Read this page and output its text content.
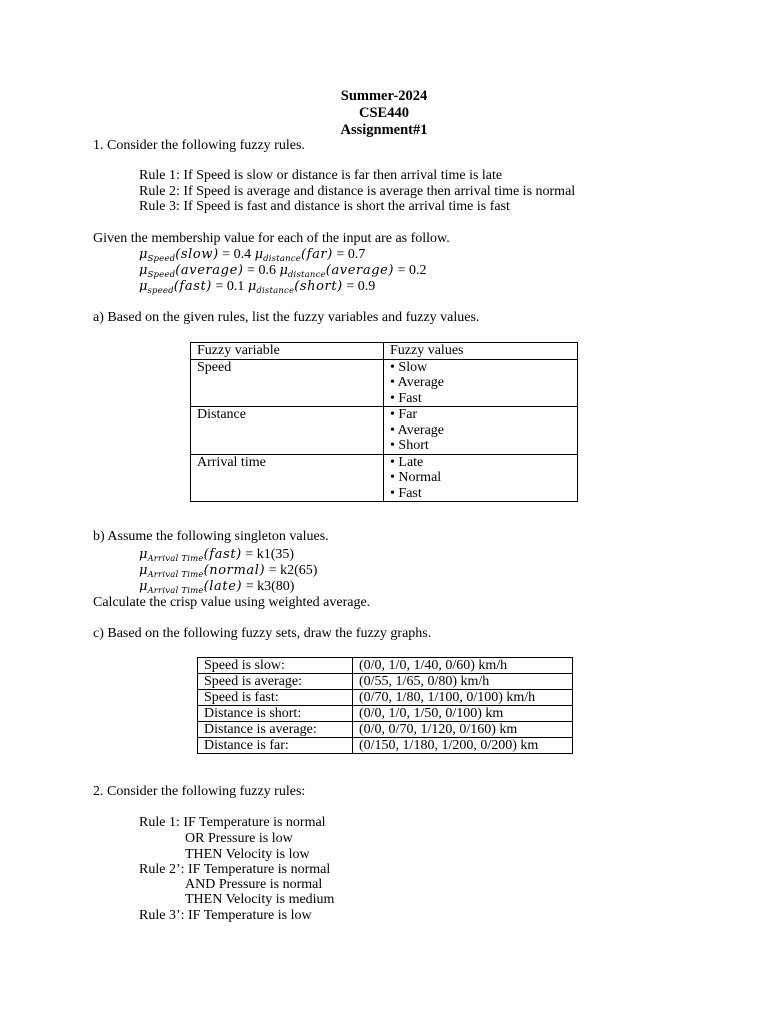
Summer-2024
CSE440
Assignment#1
1. Consider the following fuzzy rules.
Rule 1: If Speed is slow or distance is far then arrival time is late
Rule 2: If Speed is average and distance is average then arrival time is normal
Rule 3: If Speed is fast and distance is short the arrival time is fast
Given the membership value for each of the input are as follow.
$\mu_{Speed}(slow) = 0.4$ $\mu_{distance}(far) = 0.7$
$\mu_{Speed}(average) = 0.6$ $\mu_{distance}(average) = 0.2$
$\mu_{speed}(fast) = 0.1$ $\mu_{distance}(short) = 0.9$
a) Based on the given rules, list the fuzzy variables and fuzzy values.
Fuzzy variable	Fuzzy values
Speed	• Slow
• Average
• Fast

Distance	• Far
• Average
• Short

Arrival time	• Late
• Normal
• Fast
b) Assume the following singleton values.
$\mu_{Arrival Time}(fast) = k1(35)$
$\mu_{Arrival Time}(normal) = k2(65)$
$\mu_{Arrival Time}(late) = k3(80)$
Calculate the crisp value using weighted average.
c) Based on the following fuzzy sets, draw the fuzzy graphs.
Speed is slow:	(0/0, 1/0, 1/40, 0/60) km/h
Speed is average:	(0/55, 1/65, 0/80) km/h
Speed is fast:	(0/70, 1/80, 1/100, 0/100) km/h
Distance is short:	(0/0, 1/0, 1/50, 0/100) km
Distance is average:	(0/0, 0/70, 1/120, 0/160) km
Distance is far:	(0/150, 1/180, 1/200, 0/200) km
2. Consider the following fuzzy rules:
Rule 1: IF Temperature is normal
OR Pressure is low
THEN Velocity is low
Rule 2’: IF Temperature is normal
AND Pressure is normal
THEN Velocity is medium
Rule 3’: IF Temperature is low
